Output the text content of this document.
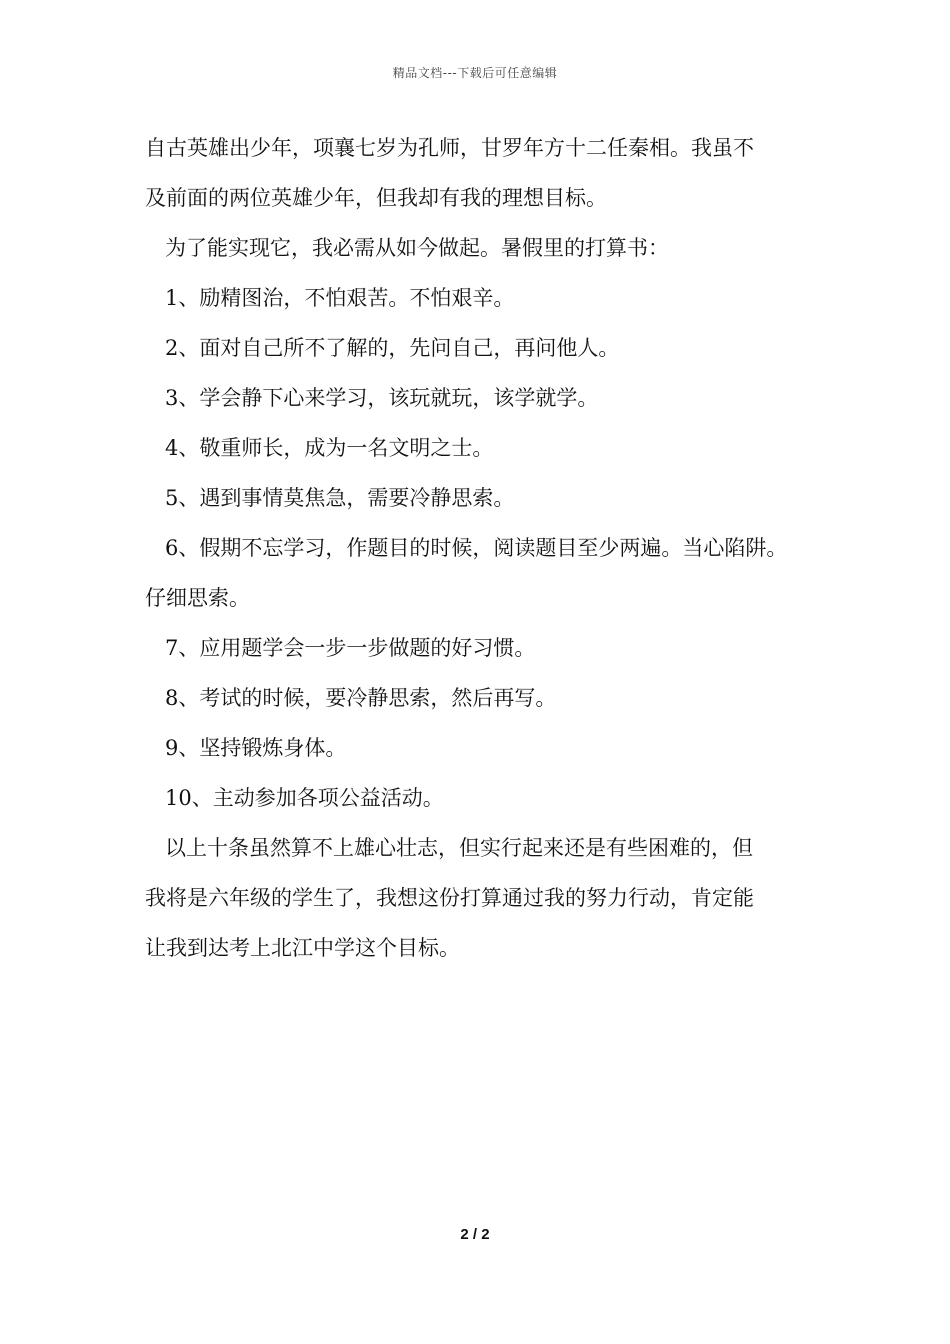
精品文档---下载后可任意编辑
自古英雄出少年，项襄七岁为孔师，甘罗年方十二任秦相。我虽不
及前面的两位英雄少年，但我却有我的理想目标。
为了能实现它，我必需从如今做起。暑假里的打算书：
1、励精图治，不怕艰苦。不怕艰辛。
2、面对自己所不了解的，先问自己，再问他人。
3、学会静下心来学习，该玩就玩，该学就学。
4、敬重师长，成为一名文明之士。
5、遇到事情莫焦急，需要冷静思索。
6、假期不忘学习，作题目的时候，阅读题目至少两遍。当心陷阱。
仔细思索。
7、应用题学会一步一步做题的好习惯。
8、考试的时候，要冷静思索，然后再写。
9、坚持锻炼身体。
10、主动参加各项公益活动。
以上十条虽然算不上雄心壮志，但实行起来还是有些困难的，但
我将是六年级的学生了，我想这份打算通过我的努力行动，肯定能
让我到达考上北江中学这个目标。
2 / 2
